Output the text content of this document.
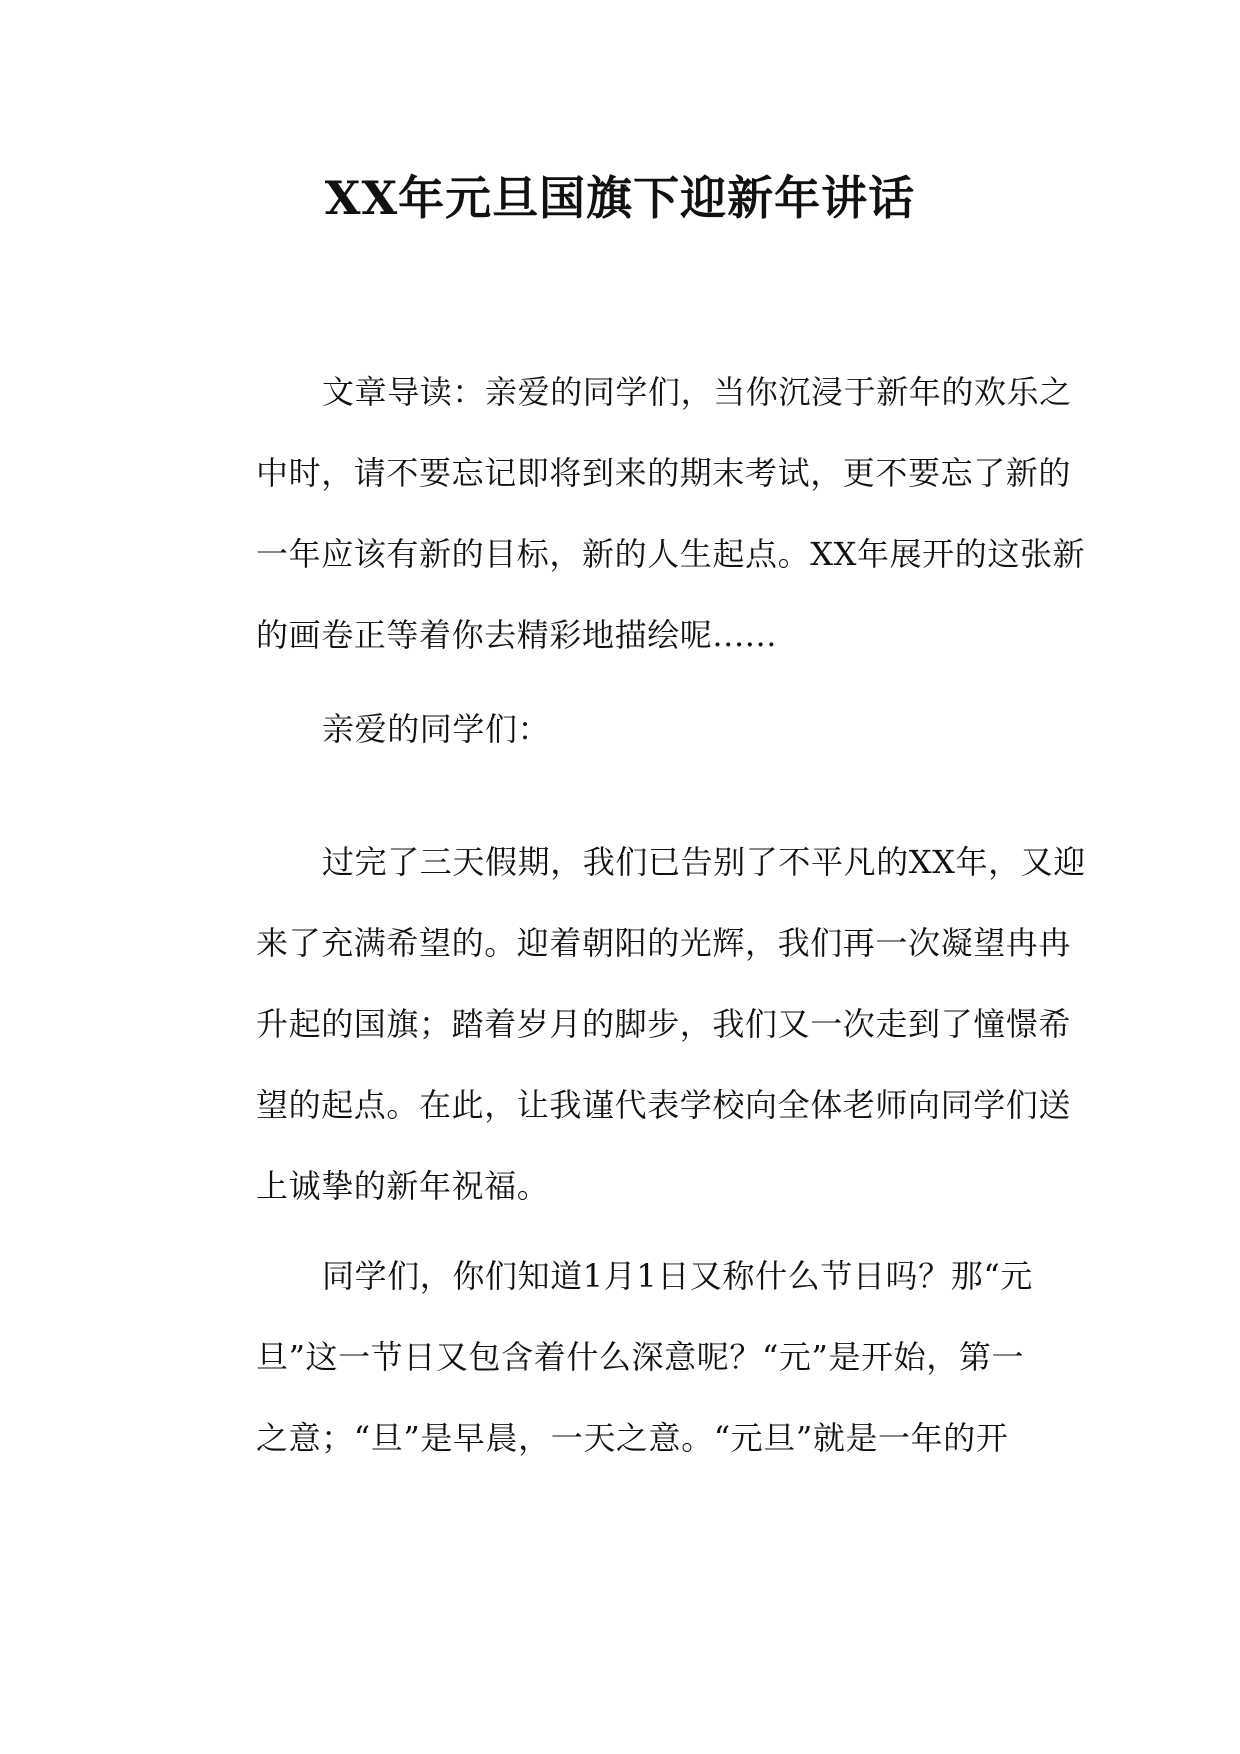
XX年元旦国旗下迎新年讲话
文章导读：亲爱的同学们，当你沉浸于新年的欢乐之
中时，请不要忘记即将到来的期末考试，更不要忘了新的
一年应该有新的目标，新的人生起点。XX年展开的这张新
的画卷正等着你去精彩地描绘呢......
亲爱的同学们：
过完了三天假期，我们已告别了不平凡的XX年，又迎
来了充满希望的。迎着朝阳的光辉，我们再一次凝望冉冉
升起的国旗；踏着岁月的脚步，我们又一次走到了憧憬希
望的起点。在此，让我谨代表学校向全体老师向同学们送
上诚挚的新年祝福。
同学们，你们知道1月1日又称什么节日吗？那“元
旦”这一节日又包含着什么深意呢？“元”是开始，第一
之意；“旦”是早晨，一天之意。“元旦”就是一年的开
